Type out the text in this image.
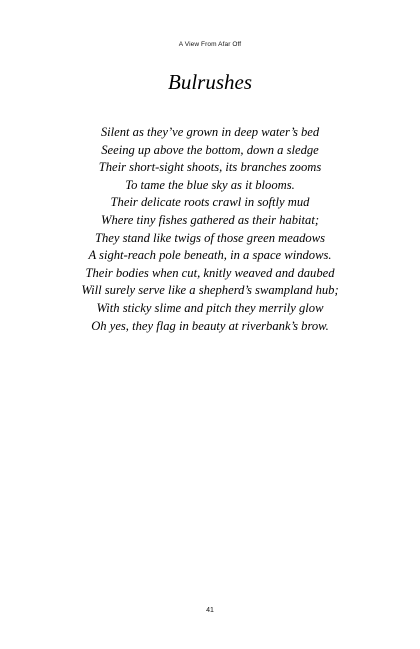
A View From Afar Off
Bulrushes
Silent as they’ve grown in deep water’s bed
Seeing up above the bottom, down a sledge
Their short-sight shoots, its branches zooms
To tame the blue sky as it blooms.
Their delicate roots crawl in softly mud
Where tiny fishes gathered as their habitat;
They stand like twigs of those green meadows
A sight-reach pole beneath, in a space windows.
Their bodies when cut, knitly weaved and daubed
Will surely serve like a shepherd’s swampland hub;
With sticky slime and pitch they merrily glow
Oh yes, they flag in beauty at riverbank’s brow.
41
